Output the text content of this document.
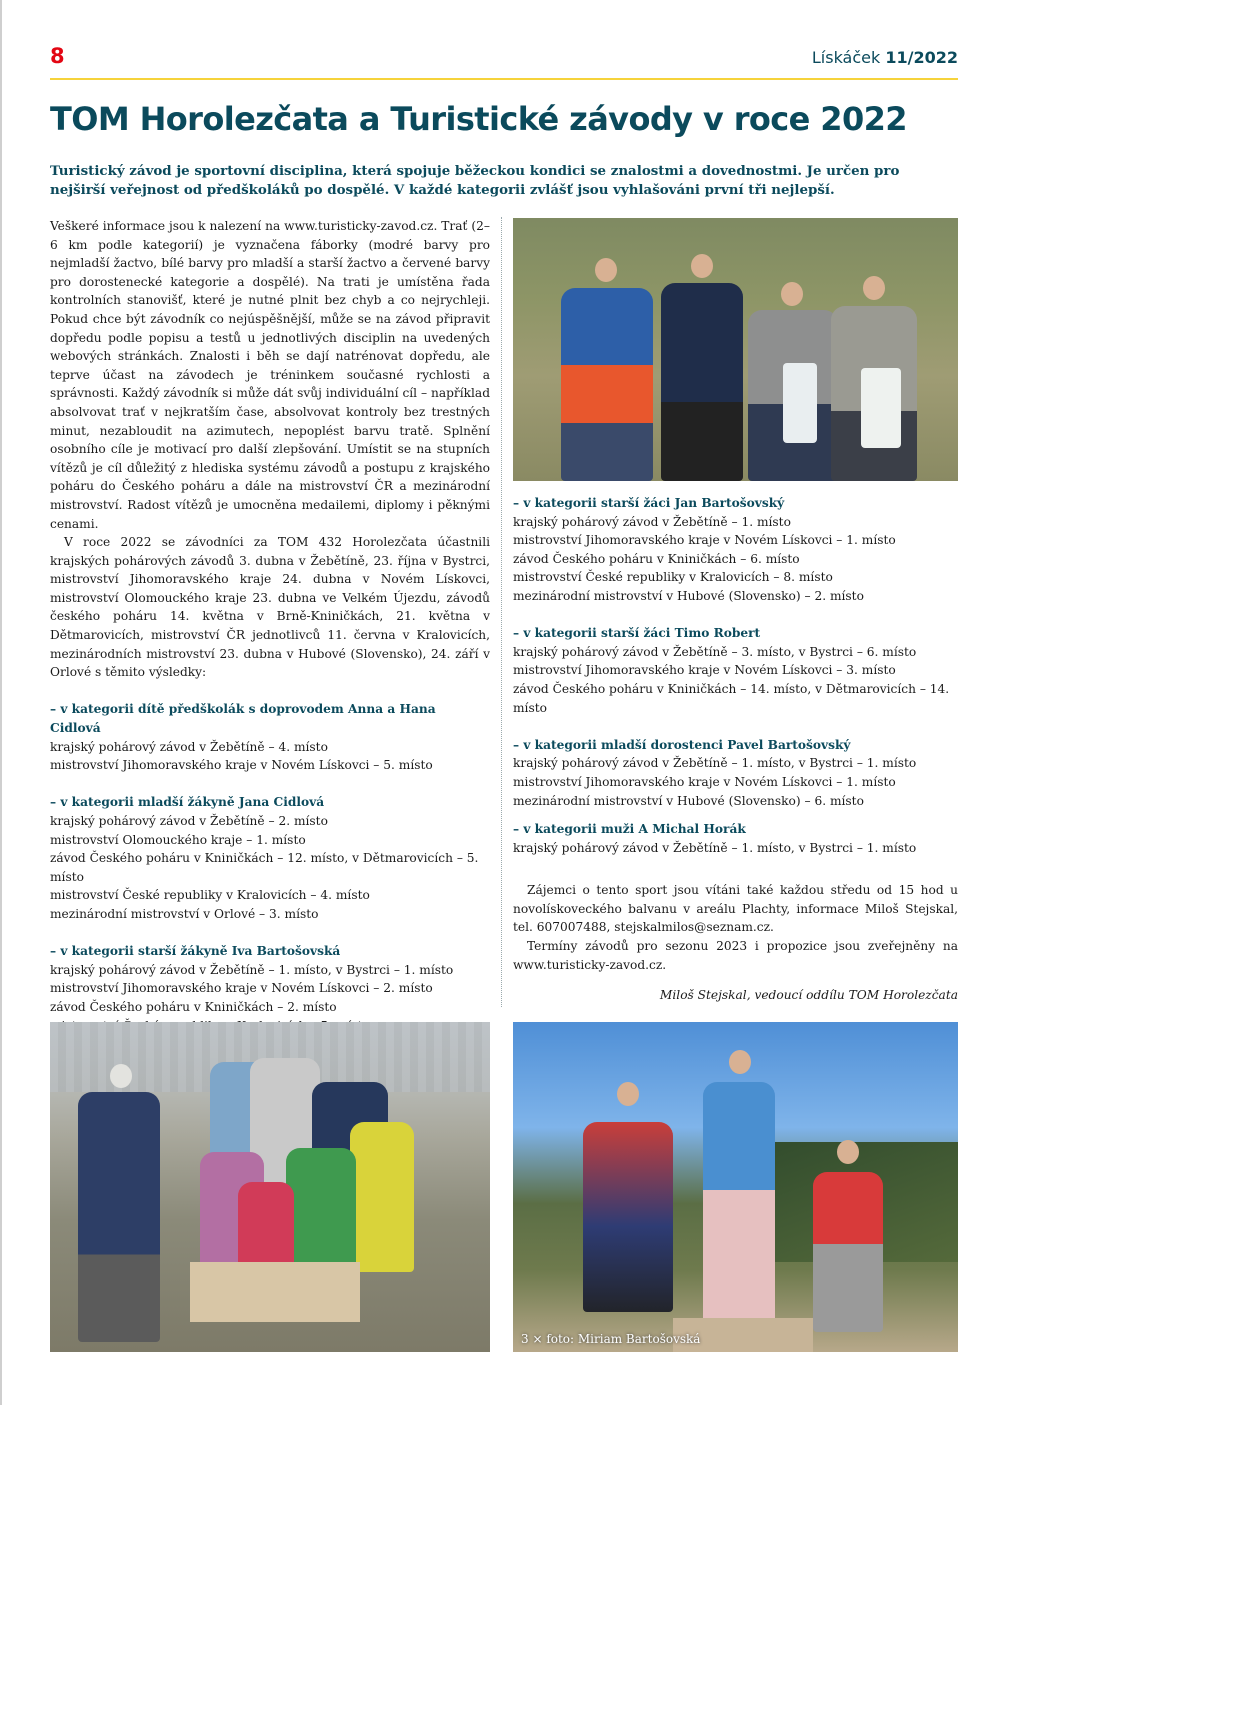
8	Lískáček 11/2022
TOM Horolezčata a Turistické závody v roce 2022

Turistický závod je sportovní disciplina, která spojuje běžeckou kondici se znalostmi a dovednostmi. Je určen pro nejširší veřejnost od předškoláků po dospělé. V každé kategorii zvlášť jsou vyhlašováni první tři nejlepší.

Veškeré informace jsou k nalezení na www.turisticky-zavod.cz. Trať (2–6 km podle kategorií) je vyznačena fáborky (modré barvy pro nejmladší žactvo, bílé barvy pro mladší a starší žactvo a červené barvy pro dorostenecké kategorie a dospělé). Na trati je umístěna řada kontrolních stanovišť, které je nutné plnit bez chyb a co nejrychleji. Pokud chce být závodník co nejúspěšnější, může se na závod připravit dopředu podle popisu a testů u jednotlivých disciplin na uvedených webových stránkách. Znalosti i běh se dají natrénovat dopředu, ale teprve účast na závodech je tréninkem současné rychlosti a správnosti. Každý závodník si může dát svůj individuální cíl – například absolvovat trať v nejkratším čase, absolvovat kontroly bez trestných minut, nezabloudit na azimutech, nepoplést barvu tratě. Splnění osobního cíle je motivací pro další zlepšování. Umístit se na stupních vítězů je cíl důležitý z hlediska systému závodů a postupu z krajského poháru do Českého poháru a dále na mistrovství ČR a mezinárodní mistrovství. Radost vítězů je umocněna medailemi, diplomy i pěknými cenami.

V roce 2022 se závodníci za TOM 432 Horolezčata účastnili krajských pohárových závodů 3. dubna v Žebětíně, 23. října v Bystrci, mistrovství Jihomoravského kraje 24. dubna v Novém Lískovci, mistrovství Olomouckého kraje 23. dubna ve Velkém Újezdu, závodů českého poháru 14. května v Brně-Kniničkách, 21. května v Dětmarovicích, mistrovství ČR jednotlivců 11. června v Kralovicích, mezinárodních mistrovství 23. dubna v Hubové (Slovensko), 24. září v Orlové s těmito výsledky:

– v kategorii dítě předškolák s doprovodem Anna a Hana Cidlová
krajský pohárový závod v Žebětíně – 4. místo
mistrovství Jihomoravského kraje v Novém Lískovci – 5. místo
– v kategorii mladší žákyně Jana Cidlová
krajský pohárový závod v Žebětíně – 2. místo
mistrovství Olomouckého kraje – 1. místo
závod Českého poháru v Kniničkách – 12. místo, v Dětmarovicích – 5. místo
mistrovství České republiky v Kralovicích – 4. místo
mezinárodní mistrovství v Orlové – 3. místo
– v kategorii starší žákyně Iva Bartošovská
krajský pohárový závod v Žebětíně – 1. místo, v Bystrci – 1. místo
mistrovství Jihomoravského kraje v Novém Lískovci – 2. místo
závod Českého poháru v Kniničkách – 2. místo
– v kategorii starší žáci Jan Bartošovský
krajský pohárový závod v Žebětíně – 1. místo
mistrovství Jihomoravského kraje v Novém Lískovci – 1. místo
závod Českého poháru v Kniničkách – 6. místo
mistrovství České republiky v Kralovicích – 8. místo
mezinárodní mistrovství v Hubové (Slovensko) – 2. místo
– v kategorii starší žáci Timo Robert
krajský pohárový závod v Žebětíně – 3. místo, v Bystrci – 6. místo
mistrovství Jihomoravského kraje v Novém Lískovci – 3. místo
závod Českého poháru v Kniničkách – 14. místo, v Dětmarovicích – 14. místo
– v kategorii mladší dorostenci Pavel Bartošovský
krajský pohárový závod v Žebětíně – 1. místo, v Bystrci – 1. místo
mistrovství Jihomoravského kraje v Novém Lískovci – 1. místo
mezinárodní mistrovství v Hubové (Slovensko) – 6. místo
– v kategorii muži A Michal Horák
krajský pohárový závod v Žebětíně – 1. místo, v Bystrci – 1. místo

Zájemci o tento sport jsou vítáni také každou středu od 15 hod u novolískoveckého balvanu v areálu Plachty, informace Miloš Stejskal, tel. 607007488, stejskalmilos@seznam.cz.

Termíny závodů pro sezonu 2023 i propozice jsou zveřejněny na www.turisticky-zavod.cz.

Miloš Stejskal, vedoucí oddílu TOM Horolezčata
3 × foto: Miriam Bartošovská
